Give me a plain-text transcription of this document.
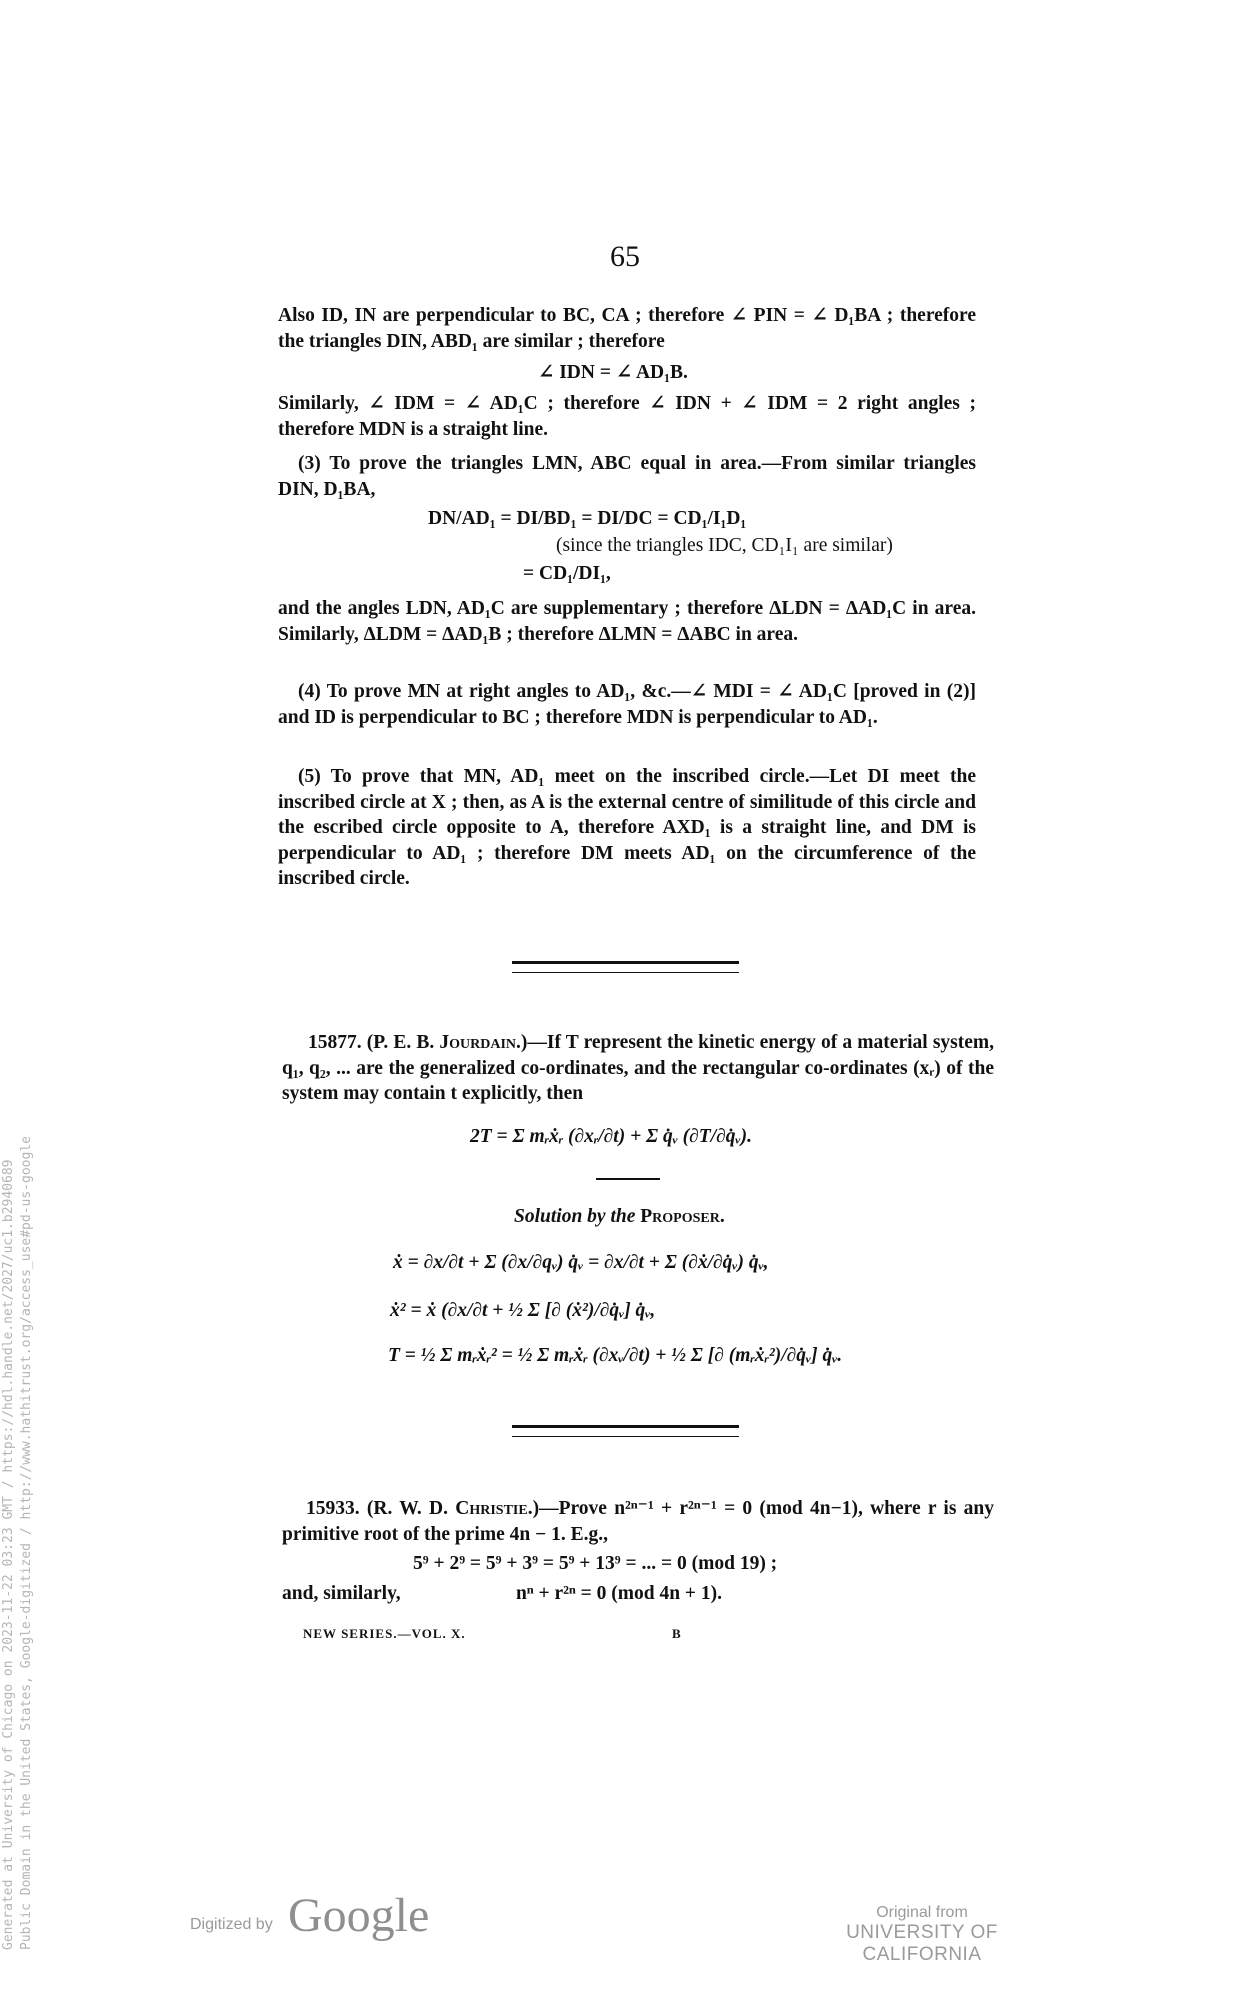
65
Also ID, IN are perpendicular to BC, CA ; therefore ∠ PIN = ∠ D₁BA ; therefore the triangles DIN, ABD₁ are similar ; therefore
∠ IDN = ∠ AD₁B.
Similarly, ∠ IDM = ∠ AD₁C ; therefore ∠ IDN + ∠ IDM = 2 right angles ; therefore MDN is a straight line.
(3) To prove the triangles LMN, ABC equal in area.—From similar triangles DIN, D₁BA,
DN/AD₁ = DI/BD₁ = DI/DC = CD₁/I₁D₁
(since the triangles IDC, CD₁I₁ are similar)
= CD₁/DI₁,
and the angles LDN, AD₁C are supplementary ; therefore ΔLDN = ΔAD₁C in area. Similarly, ΔLDM = ΔAD₁B ; therefore ΔLMN = ΔABC in area.
(4) To prove MN at right angles to AD₁, &c.—∠ MDI = ∠ AD₁C [proved in (2)] and ID is perpendicular to BC ; therefore MDN is perpendicular to AD₁.
(5) To prove that MN, AD₁ meet on the inscribed circle.—Let DI meet the inscribed circle at X ; then, as A is the external centre of similitude of this circle and the escribed circle opposite to A, therefore AXD₁ is a straight line, and DM is perpendicular to AD₁ ; therefore DM meets AD₁ on the circumference of the inscribed circle.
15877. (P. E. B. Jourdain.)—If T represent the kinetic energy of a material system, q₁, q₂, ... are the generalized co-ordinates, and the rectangular co-ordinates (xᵣ) of the system may contain t explicitly, then
2T = Σ mᵣẋᵣ (∂xᵣ/∂t) + Σ q̇ᵥ (∂T/∂q̇ᵥ).
Solution by the Proposer.
ẋ = ∂x/∂t + Σ (∂x/∂qᵥ) q̇ᵥ = ∂x/∂t + Σ (∂ẋ/∂q̇ᵥ) q̇ᵥ,
ẋ² = ẋ (∂x/∂t + ½ Σ [∂ (ẋ²)/∂q̇ᵥ] q̇ᵥ,
T = ½ Σ mᵣẋᵣ² = ½ Σ mᵣẋᵣ (∂xᵥ/∂t) + ½ Σ [∂ (mᵣẋᵣ²)/∂q̇ᵥ] q̇ᵥ.
15933. (R. W. D. Christie.)—Prove n²ⁿ⁻¹ + r²ⁿ⁻¹ = 0 (mod 4n−1), where r is any primitive root of the prime 4n − 1. E.g.,
5⁹ + 2⁹ = 5⁹ + 3⁹ = 5⁹ + 13⁹ = ... = 0 (mod 19) ;
and, similarly,	nⁿ + r²ⁿ = 0 (mod 4n + 1).
NEW SERIES.—VOL. X.	B
Generated at University of Chicago on 2023-11-22 03:23 GMT / https://hdl.handle.net/2027/uc1.b2940689 Public Domain in the United States, Google-digitized / http://www.hathitrust.org/access_use#pd-us-google	Digitized by Google	Original from
UNIVERSITY OF CALIFORNIA
